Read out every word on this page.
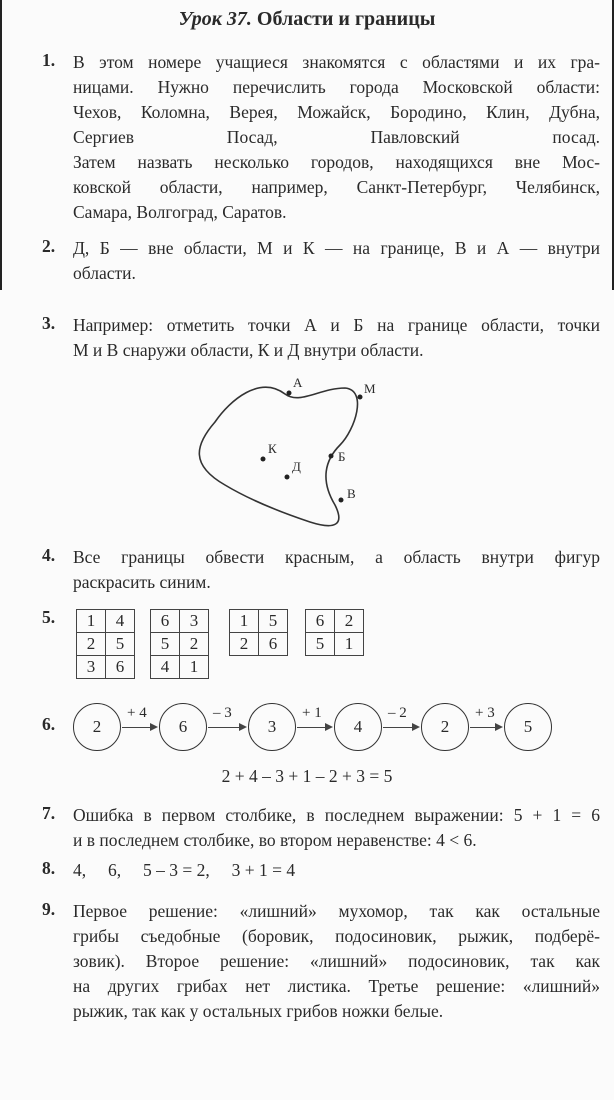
Урок 37. Области и границы
1. В этом номере учащиеся знакомятся с областями и их гра-
ницами. Нужно перечислить города Московской области:
Чехов, Коломна, Верея, Можайск, Бородино, Клин, Дубна,
Сергиев Посад, Павловский посад.
Затем назвать несколько городов, находящихся вне Мос-
ковской области, например, Санкт-Петербург, Челябинск,
Самара, Волгоград, Саратов.
2. Д, Б — вне области, М и К — на границе, В и А — внутри
области.
3. Например: отметить точки А и Б на границе области, точки
М и В снаружи области, К и Д внутри области.
А	М
К
Д
Б
В
4. Все границы обвести красным, а область внутри фигур
раскрасить синим.
5. 1	4
2	5
3	6
6	3
5	2
4	1
1	5
2	6
6	2
5	1
6.	2
+ 4
6
– 3
3
+ 1
4
– 2
2
+ 3
5
2 + 4 – 3 + 1 – 2 + 3 = 5
7. Ошибка в первом столбике, в последнем выражении: 5 + 1 = 6
и в последнем столбике, во втором неравенстве: 4 < 6.
8. 4,     6,     5 – 3 = 2,     3 + 1 = 4
9. Первое решение: «лишний» мухомор, так как остальные
грибы съедобные (боровик, подосиновик, рыжик, подберё-
зовик). Второе решение: «лишний» подосиновик, так как
на других грибах нет листика. Третье решение: «лишний»
рыжик, так как у остальных грибов ножки белые.
